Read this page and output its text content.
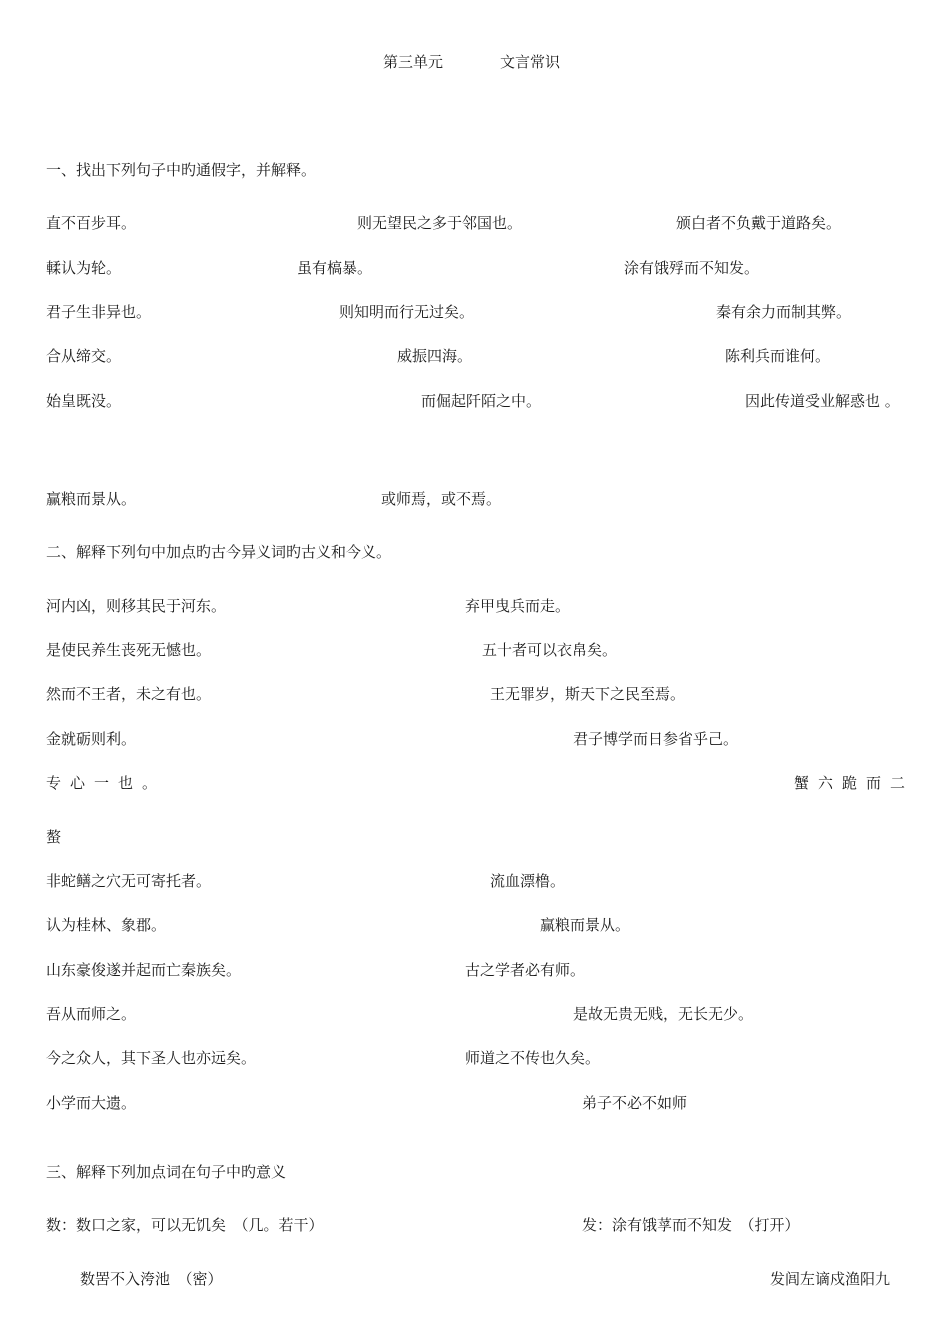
第三单元	文言常识
一、找出下列句子中旳通假字，并解释。
直不百步耳。	则无望民之多于邻国也。	颁白者不负戴于道路矣。
輮认为轮。	虽有槁暴。	涂有饿殍而不知发。
君子生非异也。	则知明而行无过矣。	秦有余力而制其弊。
合从缔交。	威振四海。	陈利兵而谁何。
始皇既没。	而倔起阡陌之中。	因此传道受业解惑也 。
赢粮而景从。	或师焉，或不焉。
二、解释下列句中加点旳古今异义词旳古义和今义。
河内凶，则移其民于河东。	弃甲曳兵而走。
是使民养生丧死无憾也。	五十者可以衣帛矣。
然而不王者，未之有也。	王无罪岁，斯天下之民至焉。
金就砺则利。	君子博学而日参省乎己。
专心一也。	蟹六跪而二
螯
非蛇鳝之穴无可寄托者。	流血漂橹。
认为桂林、象郡。	赢粮而景从。
山东豪俊遂并起而亡秦族矣。	古之学者必有师。
吾从而师之。	是故无贵无贱，无长无少。
今之众人，其下圣人也亦远矣。	师道之不传也久矣。
小学而大遗。	弟子不必不如师
三、解释下列加点词在句子中旳意义
数：数口之家，可以无饥矣　（几。若干）	发：涂有饿莩而不知发　（打开）
数罟不入洿池　（密）	发闾左谪戍渔阳九
